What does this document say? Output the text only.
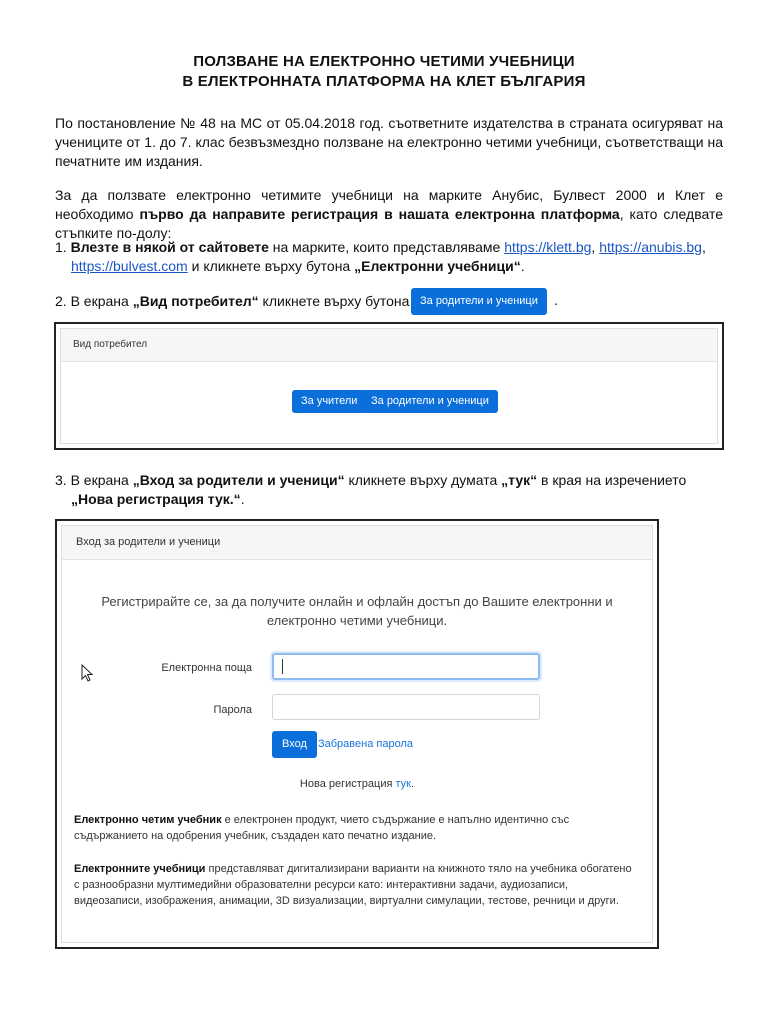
ПОЛЗВАНЕ НА ЕЛЕКТРОННО ЧЕТИМИ УЧЕБНИЦИ
В ЕЛЕКТРОННАТА ПЛАТФОРМА НА КЛЕТ БЪЛГАРИЯ
По постановление № 48 на МС от 05.04.2018 год. съответните издателства в страната осигуряват на учениците от 1. до 7. клас безвъзмездно ползване на електронно четими учебници, съответстващи на печатните им издания.
За да ползвате електронно четимите учебници на марките Анубис, Булвест 2000 и Клет е необходимо първо да направите регистрация в нашата електронна платформа, като следвате стъпките по-долу:
1. Влезте в някой от сайтовете на марките, които представляваме https://klett.bg, https://anubis.bg,
https://bulvest.com и кликнете върху бутона „Електронни учебници“.
2. В екрана „Вид потребител“ кликнете върху бутона За родители и ученици	.
Вид потребител
За учители	За родители и ученици
3. В екрана „Вход за родители и ученици“ кликнете върху думата „тук“ в края на изречението
„Нова регистрация тук.“.
Вход за родители и ученици
Регистрирайте се, за да получите онлайн и офлайн достъп до Вашите електронни и електронно четими учебници.
Електронна поща
Парола
Вход	Забравена парола
Нова регистрация тук.
Електронно четим учебник е електронен продукт, чието съдържание е напълно идентично със съдържанието на одобрения учебник, създаден като печатно издание.
Електронните учебници представляват дигитализирани варианти на книжното тяло на учебника обогатено с разнообразни мултимедийни образователни ресурси като: интерактивни задачи, аудиозаписи, видеозаписи, изображения, анимации, 3D визуализации, виртуални симулации, тестове, речници и други.
